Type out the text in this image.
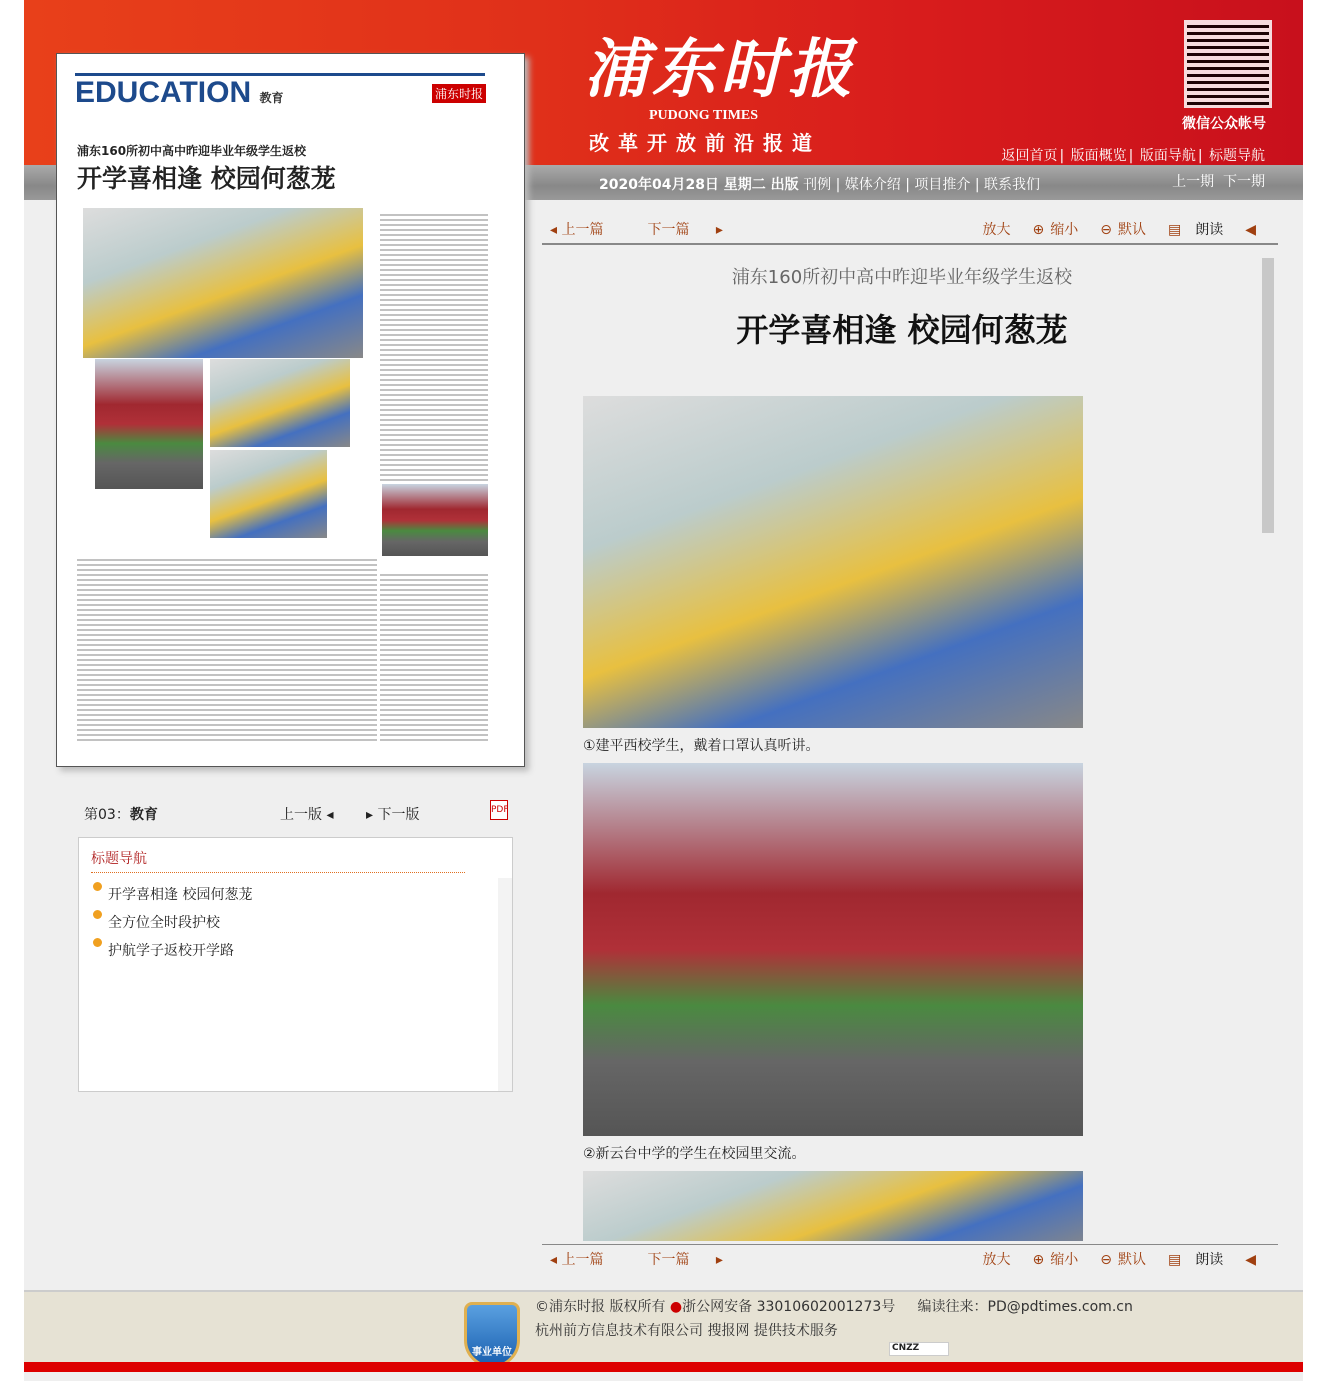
浦东时报
PUDONG TIMES
改革开放前沿报道
微信公众帐号
返回首页 | 版面概览 | 版面导航 | 标题导航
2020年04月28日 星期二 出版 刊例 | 媒体介绍 | 项目推介 | 联系我们	上一期 下一期
EDUCATION 教育	浦东时报
浦东160所初中高中昨迎毕业年级学生返校
开学喜相逢 校园何葱茏
第03：教育	上一版 ◂ ▸ 下一版	PDF
标题导航
开学喜相逢 校园何葱茏
全方位全时段护校
护航学子返校开学路
◂ 上一篇	下一篇 ▸	放大 ⊕ 缩小 ⊖ 默认 ▤ 朗读 ◀
浦东160所初中高中昨迎毕业年级学生返校
开学喜相逢 校园何葱茏
①建平西校学生，戴着口罩认真听讲。
②新云台中学的学生在校园里交流。
◂ 上一篇	下一篇 ▸	放大 ⊕ 缩小 ⊖ 默认 ▤ 朗读 ◀
事业单位
©浦东时报 版权所有 ●浙公网安备 33010602001273号 编读往来：PD@pdtimes.com.cn
杭州前方信息技术有限公司 搜报网 提供技术服务
CNZZ
